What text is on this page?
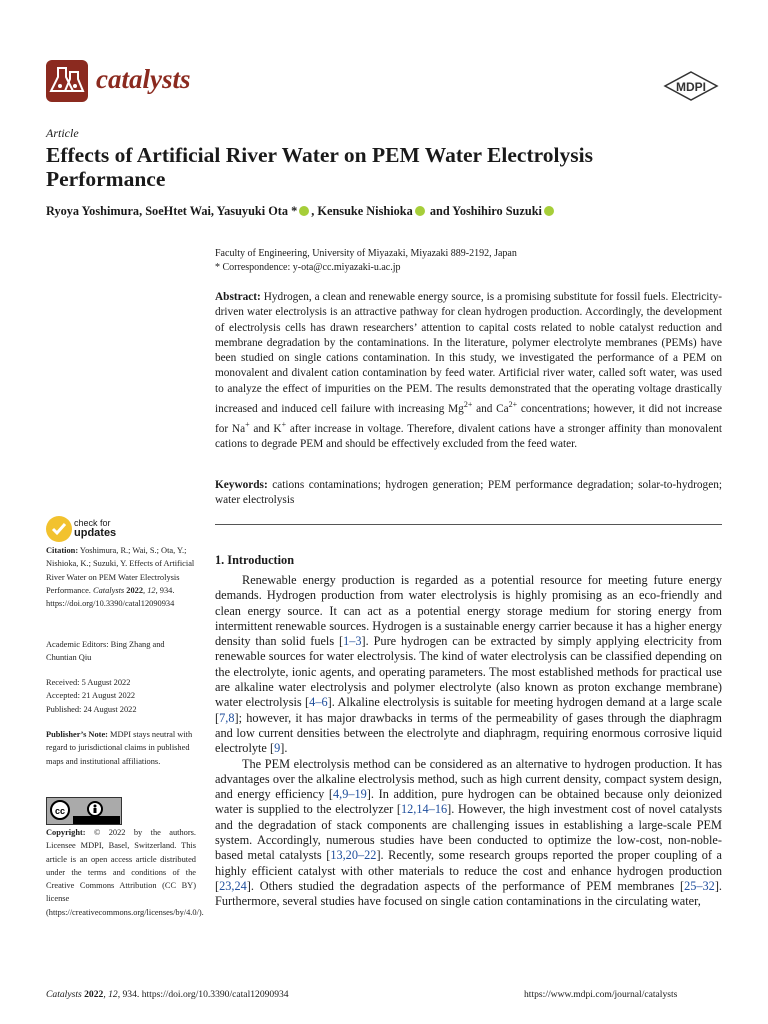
catalysts	MDPI
Article
Effects of Artificial River Water on PEM Water Electrolysis Performance
Ryoya Yoshimura, SoeHtet Wai, Yasuyuki Ota * , Kensuke Nishioka and Yoshihiro Suzuki
Faculty of Engineering, University of Miyazaki, Miyazaki 889-2192, Japan
* Correspondence: y-ota@cc.miyazaki-u.ac.jp
Abstract: Hydrogen, a clean and renewable energy source, is a promising substitute for fossil fuels. Electricity-driven water electrolysis is an attractive pathway for clean hydrogen production. Accordingly, the development of electrolysis cells has drawn researchers’ attention to capital costs related to noble catalyst reduction and membrane degradation by the contaminations. In the literature, polymer electrolyte membranes (PEMs) have been studied on single cations contamination. In this study, we investigated the performance of a PEM on monovalent and divalent cation contamination by feed water. Artificial river water, called soft water, was used to analyze the effect of impurities on the PEM. The results demonstrated that the operating voltage drastically increased and induced cell failure with increasing $Mg^{2+}$ and $Ca^{2+}$ concentrations; however, it did not increase for Na+ and K+ after increase in voltage. Therefore, divalent cations have a stronger affinity than monovalent cations to degrade PEM and should be effectively excluded from the feed water.
Keywords: cations contaminations; hydrogen generation; PEM performance degradation; solar-to-hydrogen; water electrolysis
check for
updates
Citation: Yoshimura, R.; Wai, S.; Ota, Y.; Nishioka, K.; Suzuki, Y. Effects of Artificial River Water on PEM Water Electrolysis Performance. Catalysts 2022, 12, 934. https://doi.org/10.3390/catal12090934
Academic Editors: Bing Zhang and Chuntian Qiu
Received: 5 August 2022
Accepted: 21 August 2022
Published: 24 August 2022
Publisher’s Note: MDPI stays neutral with regard to jurisdictional claims in published maps and institutional affiliations.
cc
Copyright: © 2022 by the authors. Licensee MDPI, Basel, Switzerland. This article is an open access article distributed under the terms and conditions of the Creative Commons Attribution (CC BY) license (https://creativecommons.org/licenses/by/4.0/).
1. Introduction

Renewable energy production is regarded as a potential resource for meeting future energy demands. Hydrogen production from water electrolysis is highly promising as an eco-friendly and clean energy source. It can act as a potential energy storage medium for storing energy from intermittent renewable sources. Hydrogen is a sustainable energy carrier because it has a higher energy density than solid fuels [1–3]. Pure hydrogen can be extracted by simply applying electricity from renewable sources for water electrolysis. The kind of water electrolysis can be classified depending on the electrolyte, ionic agents, and operating parameters. The most established methods for practical use are alkaline water electrolysis and polymer electrolyte (also known as proton exchange membrane) water electrolysis [4–6]. Alkaline electrolysis is suitable for meeting hydrogen demand at a large scale [7,8]; however, it has major drawbacks in terms of the permeability of gases through the diaphragm and low current densities between the electrolyte and diaphragm, requiring enormous corrosive liquid electrolyte [9].

The PEM electrolysis method can be considered as an alternative to hydrogen production. It has advantages over the alkaline electrolysis method, such as high current density, compact system design, and energy efficiency [4,9–19]. In addition, pure hydrogen can be obtained because only deionized water is supplied to the electrolyzer [12,14–16]. However, the high investment cost of novel catalysts and the degradation of stack components are challenging issues in establishing a large-scale PEM system. Accordingly, numerous studies have been conducted to optimize the low-cost, non-noble-based metal catalysts [13,20–22]. Recently, some research groups reported the proper coupling of a highly efficient catalyst with other materials to reduce the cost and enhance hydrogen production [23,24]. Others studied the degradation aspects of the performance of PEM membranes [25–32]. Furthermore, several studies have focused on single cation contaminations in the circulating water,

Catalysts 2022, 12, 934. https://doi.org/10.3390/catal12090934	https://www.mdpi.com/journal/catalysts
